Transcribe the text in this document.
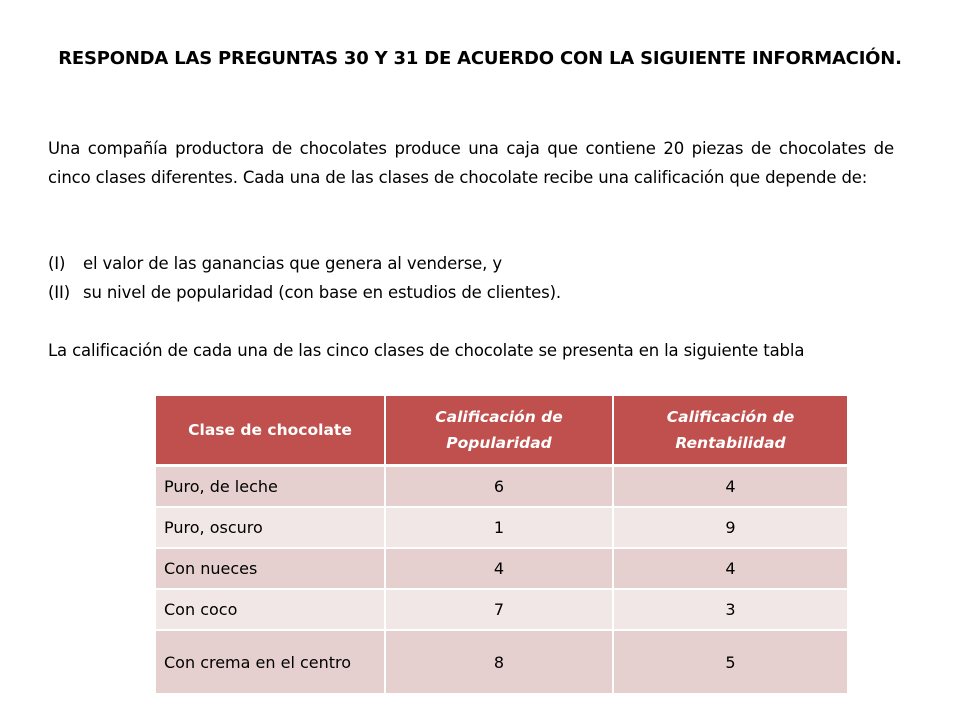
RESPONDA LAS PREGUNTAS 30 Y 31 DE ACUERDO CON LA SIGUIENTE INFORMACIÓN.
Una compañía productora de chocolates produce una caja que contiene 20 piezas de chocolates de cinco clases diferentes. Cada una de las clases de chocolate recibe una calificación que depende de:
(I)	el valor de las ganancias que genera al venderse, y
(II) su nivel de popularidad (con base en estudios de clientes).
La calificación de cada una de las cinco clases de chocolate se presenta en la siguiente tabla
Clase de chocolate	Calificación de Popularidad	Calificación de Rentabilidad
Puro, de leche	6	4
Puro, oscuro	1	9
Con nueces	4	4
Con coco	7	3
Con crema en el centro	8	5
